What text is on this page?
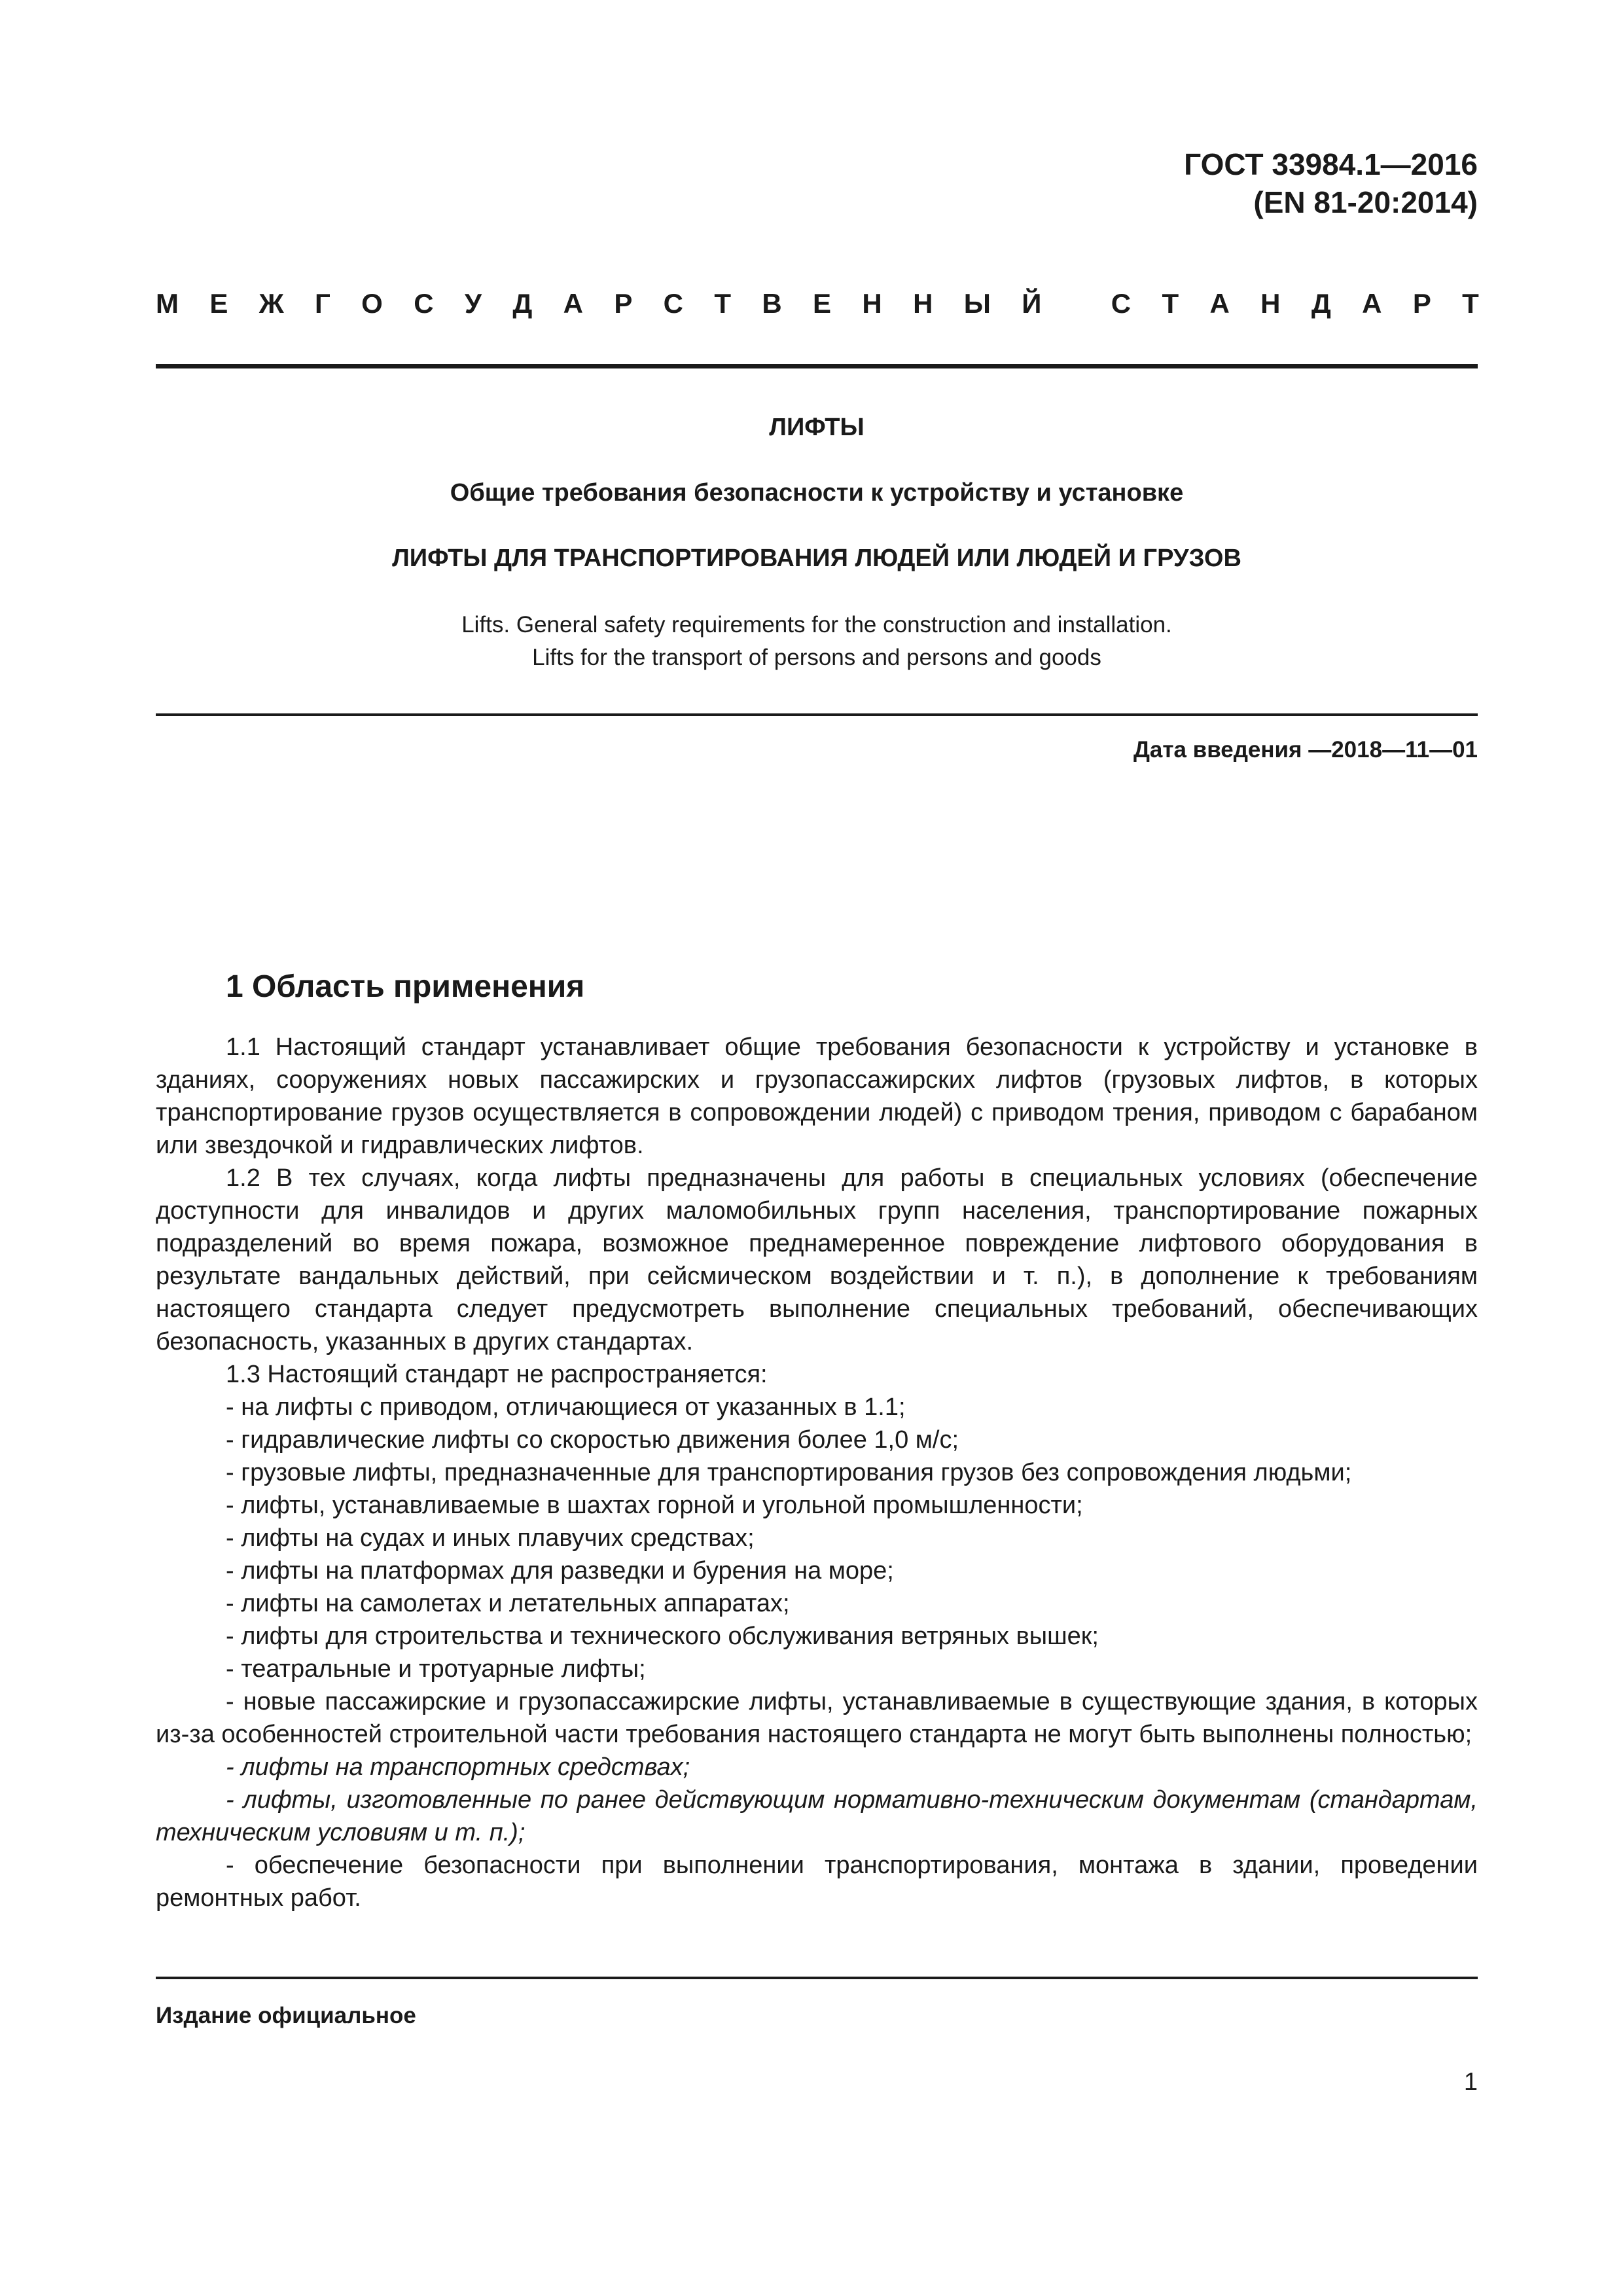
ГОСТ 33984.1—2016
(EN 81-20:2014)
М Е Ж Г О С У Д А Р С Т В Е Н Н Ы Й
	С Т А Н Д А Р Т
ЛИФТЫ
Общие требования безопасности к устройству и установке
ЛИФТЫ ДЛЯ ТРАНСПОРТИРОВАНИЯ ЛЮДЕЙ ИЛИ ЛЮДЕЙ И ГРУЗОВ
Lifts. General safety requirements for the construction and installation.
Lifts for the transport of persons and persons and goods
Дата введения —2018—11—01
1 Область применения

1.1 Настоящий стандарт устанавливает общие требования безопасности к устройству и установке в зданиях, сооружениях новых пассажирских и грузопассажирских лифтов (грузовых лифтов, в которых транспортирование грузов осуществляется в сопровождении людей) с приводом трения, приводом с барабаном или звездочкой и гидравлических лифтов.

1.2 В тех случаях, когда лифты предназначены для работы в специальных условиях (обеспечение доступности для инвалидов и других маломобильных групп населения, транспортирование пожарных подразделений во время пожара, возможное преднамеренное повреждение лифтового оборудования в результате вандальных действий, при сейсмическом воздействии и т. п.), в дополнение к требованиям настоящего стандарта следует предусмотреть выполнение специальных требований, обеспечивающих безопасность, указанных в других стандартах.

1.3 Настоящий стандарт не распространяется:

- на лифты с приводом, отличающиеся от указанных в 1.1;

- гидравлические лифты со скоростью движения более 1,0 м/с;

- грузовые лифты, предназначенные для транспортирования грузов без сопровождения людьми;

- лифты, устанавливаемые в шахтах горной и угольной промышленности;

- лифты на судах и иных плавучих средствах;

- лифты на платформах для разведки и бурения на море;

- лифты на самолетах и летательных аппаратах;

- лифты для строительства и технического обслуживания ветряных вышек;

- театральные и тротуарные лифты;

- новые пассажирские и грузопассажирские лифты, устанавливаемые в существующие здания, в которых из-за особенностей строительной части требования настоящего стандарта не могут быть выполнены полностью;

- лифты на транспортных средствах;

- лифты, изготовленные по ранее действующим нормативно-техническим документам (стандартам, техническим условиям и т. п.);

- обеспечение безопасности при выполнении транспортирования, монтажа в здании, проведении ремонтных работ.

Издание официальное
1
